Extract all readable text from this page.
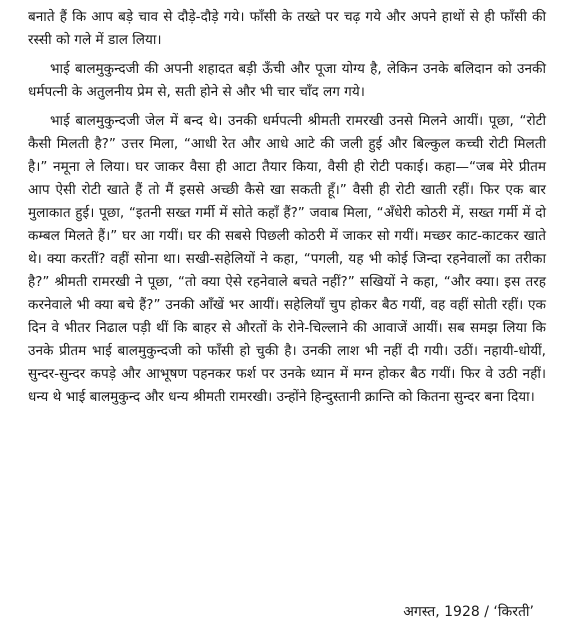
बनाते हैं कि आप बड़े चाव से दौड़े-दौड़े गये। फाँसी के तख्ते पर चढ़ गये और अपने हाथों से ही फाँसी की रस्सी को गले में डाल लिया।

भाई बालमुकुन्दजी की अपनी शहादत बड़ी ऊँची और पूजा योग्य है, लेकिन उनके बलिदान को उनकी धर्मपत्नी के अतुलनीय प्रेम से, सती होने से और भी चार चाँद लग गये।

भाई बालमुकुन्दजी जेल में बन्द थे। उनकी धर्मपत्नी श्रीमती रामरखी उनसे मिलने आयीं। पूछा, “रोटी कैसी मिलती है?” उत्तर मिला, “आधी रेत और आधे आटे की जली हुई और बिल्कुल कच्ची रोटी मिलती है।” नमूना ले लिया। घर जाकर वैसा ही आटा तैयार किया, वैसी ही रोटी पकाई। कहा—“जब मेरे प्रीतम आप ऐसी रोटी खाते हैं तो मैं इससे अच्छी कैसे खा सकती हूँ।” वैसी ही रोटी खाती रहीं। फिर एक बार मुलाकात हुई। पूछा, “इतनी सख्त गर्मी में सोते कहाँ हैं?” जवाब मिला, “अँधेरी कोठरी में, सख्त गर्मी में दो कम्बल मिलते हैं।” घर आ गयीं। घर की सबसे पिछली कोठरी में जाकर सो गयीं। मच्छर काट-काटकर खाते थे। क्या करतीं? वहीं सोना था। सखी-सहेलियों ने कहा, “पगली, यह भी कोई जिन्दा रहनेवालों का तरीका है?” श्रीमती रामरखी ने पूछा, “तो क्या ऐसे रहनेवाले बचते नहीं?” सखियों ने कहा, “और क्या। इस तरह करनेवाले भी क्या बचे हैं?” उनकी आँखें भर आयीं। सहेलियाँ चुप होकर बैठ गयीं, वह वहीं सोती रहीं। एक दिन वे भीतर निढाल पड़ी थीं कि बाहर से औरतों के रोने-चिल्लाने की आवाजें आयीं। सब समझ लिया कि उनके प्रीतम भाई बालमुकुन्दजी को फाँसी हो चुकी है। उनकी लाश भी नहीं दी गयी। उठीं। नहायी-धोयीं, सुन्दर-सुन्दर कपड़े और आभूषण पहनकर फर्श पर उनके ध्यान में मग्न होकर बैठ गयीं। फिर वे उठी नहीं। धन्य थे भाई बालमुकुन्द और धन्य श्रीमती रामरखी। उन्होंने हिन्दुस्तानी क्रान्ति को कितना सुन्दर बना दिया।

अगस्त, 1928 / ‘किरती’
